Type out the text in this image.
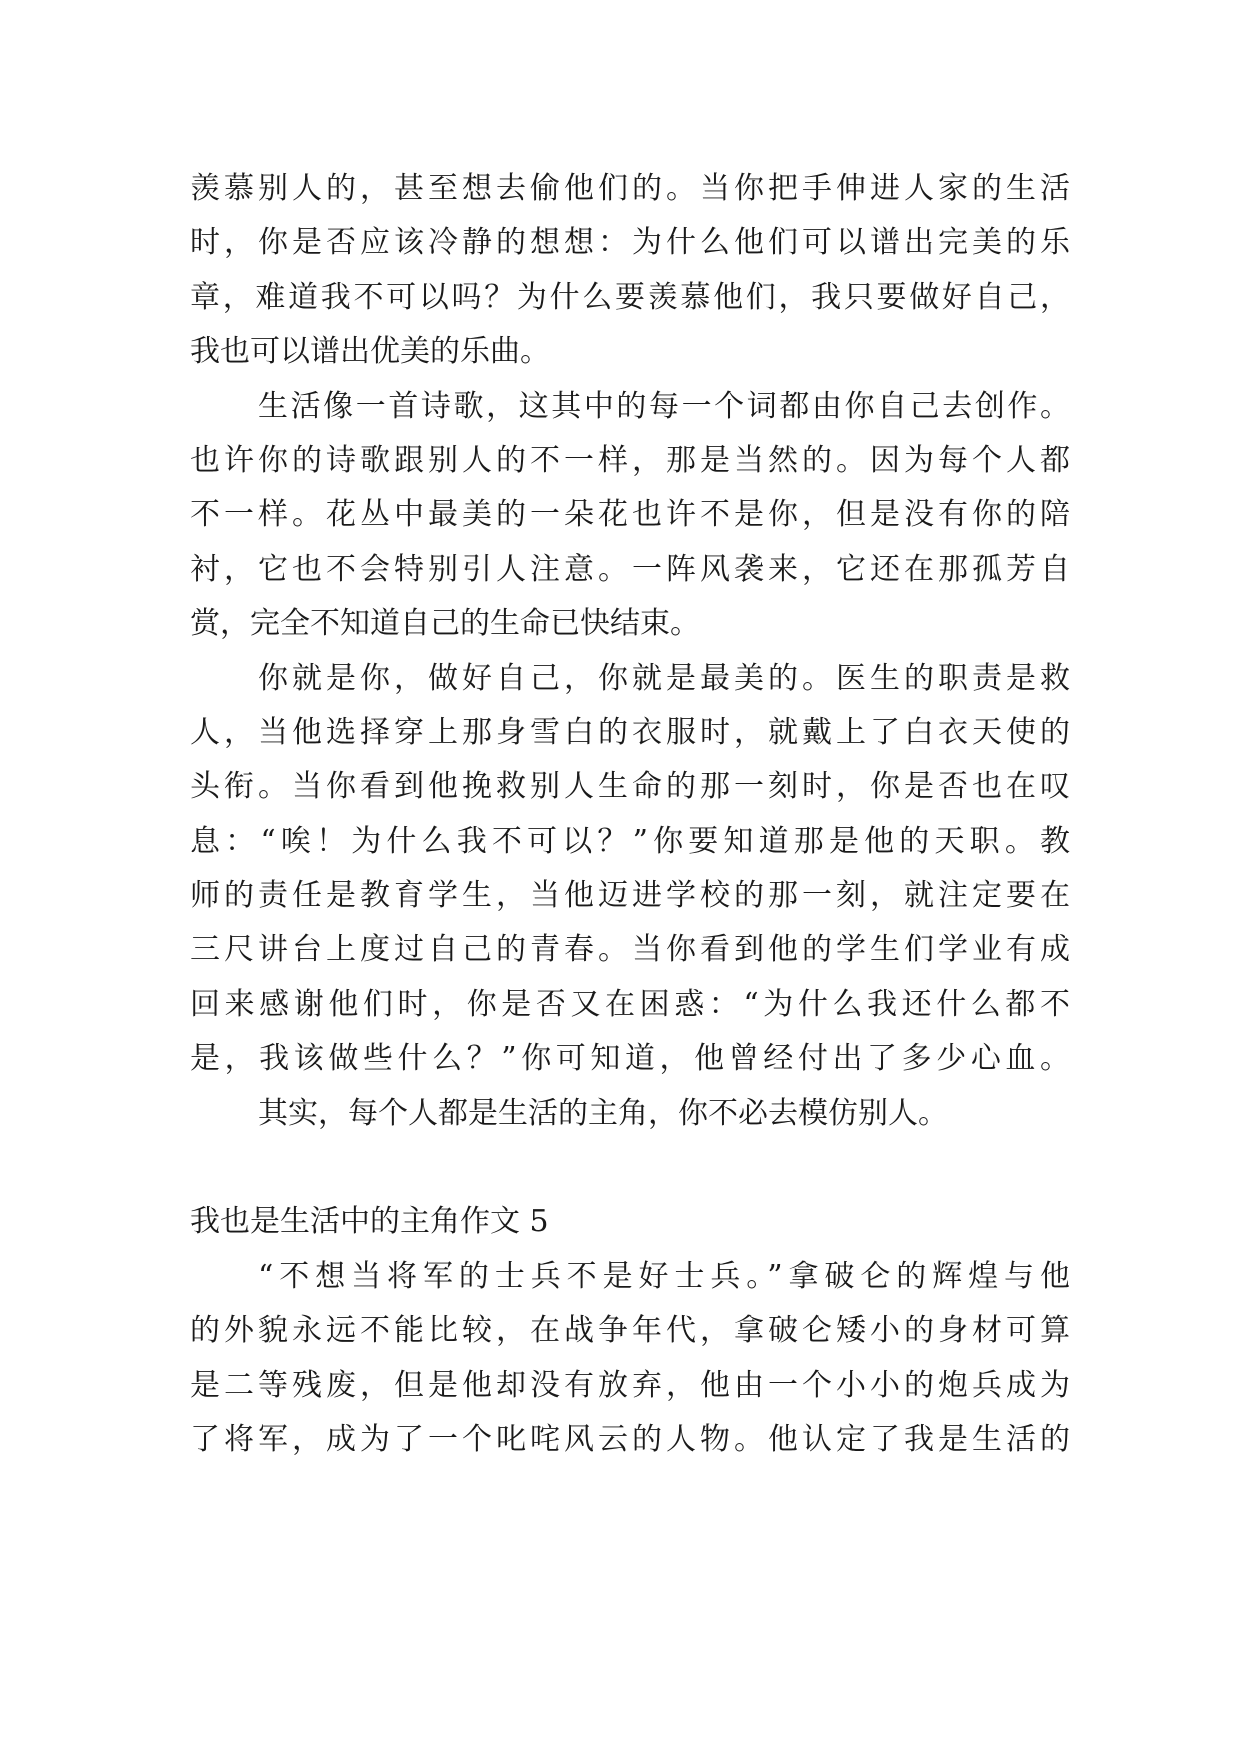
羡慕别人的，甚至想去偷他们的。当你把手伸进人家的生活
时，你是否应该冷静的想想：为什么他们可以谱出完美的乐
章，难道我不可以吗？为什么要羡慕他们，我只要做好自己，
我也可以谱出优美的乐曲。
生活像一首诗歌，这其中的每一个词都由你自己去创作。
也许你的诗歌跟别人的不一样，那是当然的。因为每个人都
不一样。花丛中最美的一朵花也许不是你，但是没有你的陪
衬，它也不会特别引人注意。一阵风袭来，它还在那孤芳自
赏，完全不知道自己的生命已快结束。
你就是你，做好自己，你就是最美的。医生的职责是救
人，当他选择穿上那身雪白的衣服时，就戴上了白衣天使的
头衔。当你看到他挽救别人生命的那一刻时，你是否也在叹
息：“唉！为什么我不可以？”你要知道那是他的天职。教
师的责任是教育学生，当他迈进学校的那一刻，就注定要在
三尺讲台上度过自己的青春。当你看到他的学生们学业有成
回来感谢他们时，你是否又在困惑：“为什么我还什么都不
是，我该做些什么？”你可知道，他曾经付出了多少心血。
其实，每个人都是生活的主角，你不必去模仿别人。
我也是生活中的主角作文 5
“不想当将军的士兵不是好士兵。”拿破仑的辉煌与他
的外貌永远不能比较，在战争年代，拿破仑矮小的身材可算
是二等残废，但是他却没有放弃，他由一个小小的炮兵成为
了将军，成为了一个叱咤风云的人物。他认定了我是生活的
